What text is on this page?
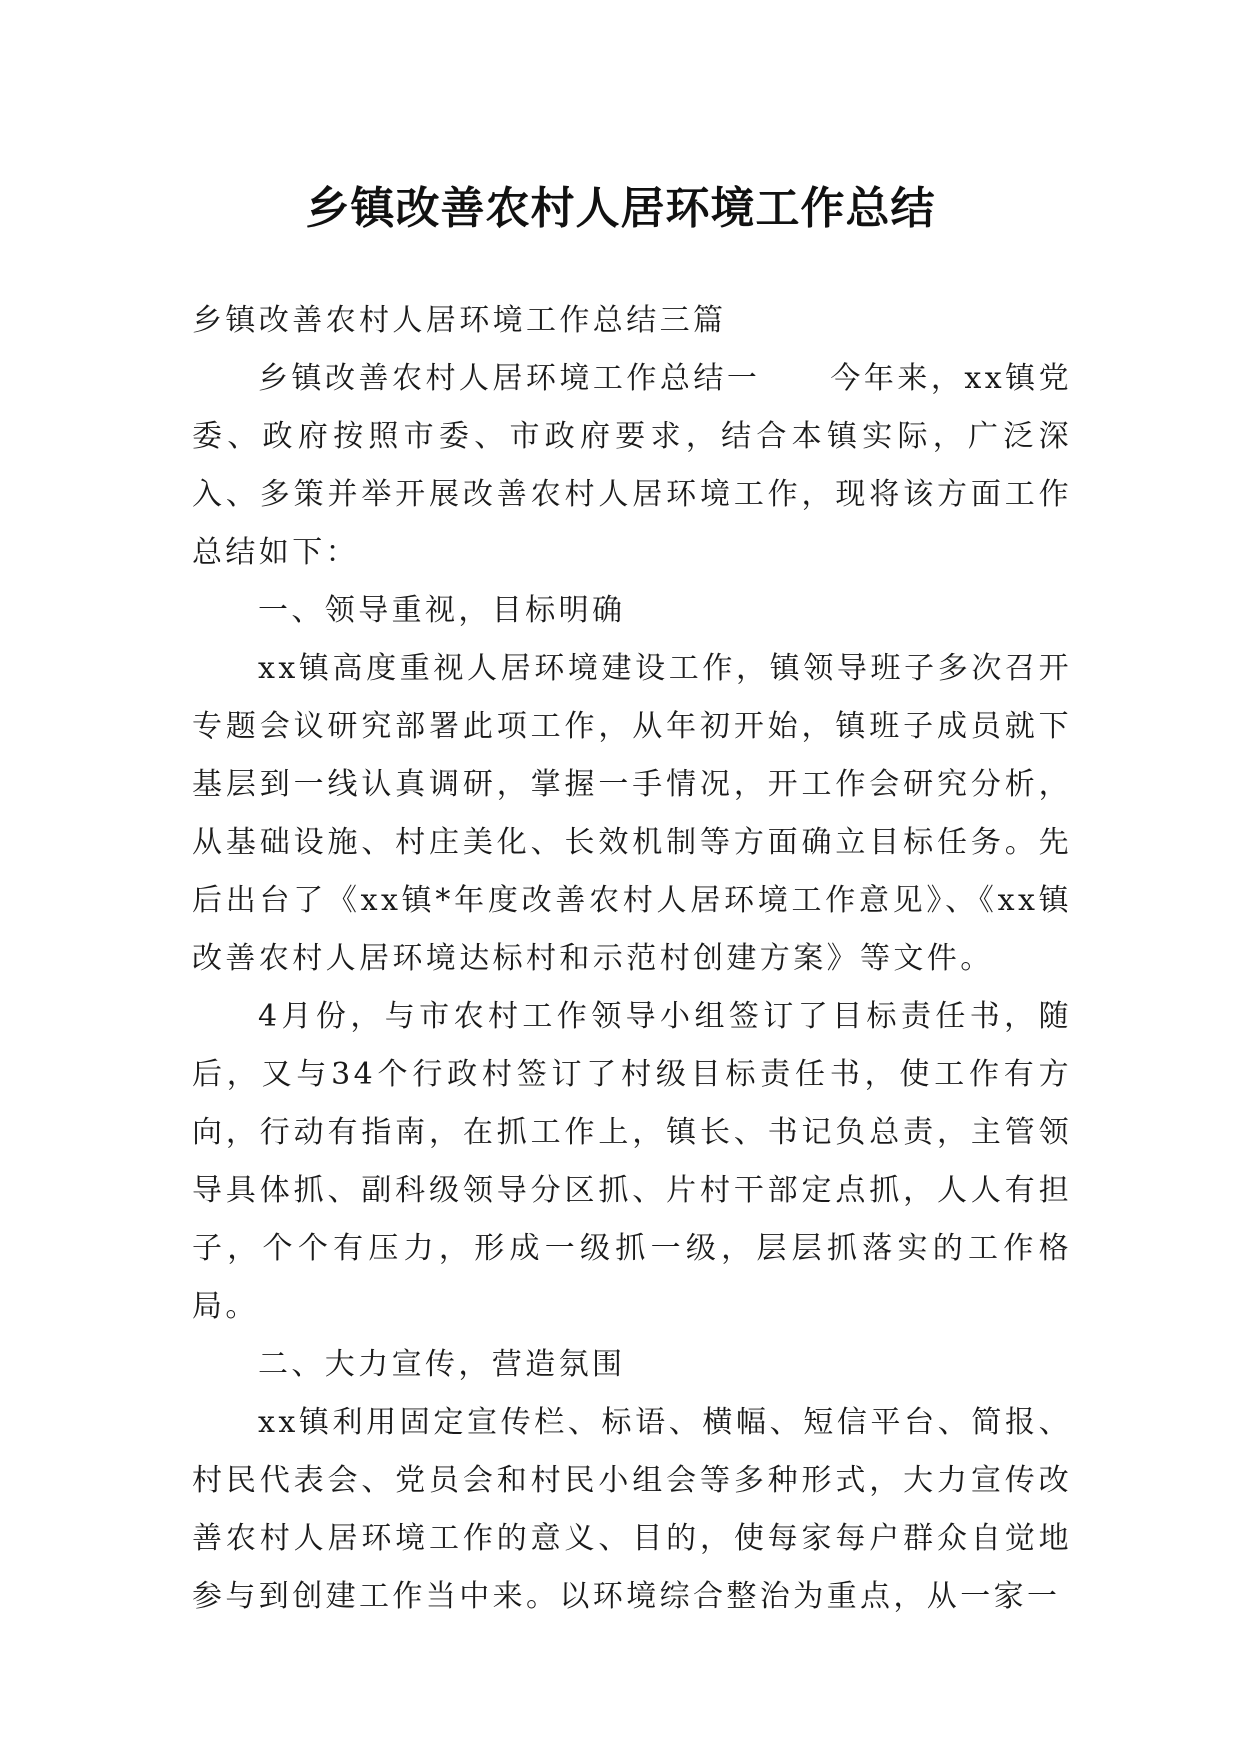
乡镇改善农村人居环境工作总结

乡镇改善农村人居环境工作总结三篇

乡镇改善农村人居环境工作总结一 今年来，xx镇党委、政府按照市委、市政府要求，结合本镇实际，广泛深入、多策并举开展改善农村人居环境工作，现将该方面工作总结如下：

一、领导重视，目标明确

xx镇高度重视人居环境建设工作，镇领导班子多次召开专题会议研究部署此项工作，从年初开始，镇班子成员就下基层到一线认真调研，掌握一手情况，开工作会研究分析，从基础设施、村庄美化、长效机制等方面确立目标任务。先后出台了《xx镇*年度改善农村人居环境工作意见》、《xx镇改善农村人居环境达标村和示范村创建方案》等文件。

4月份，与市农村工作领导小组签订了目标责任书，随后，又与34个行政村签订了村级目标责任书，使工作有方向，行动有指南，在抓工作上，镇长、书记负总责，主管领导具体抓、副科级领导分区抓、片村干部定点抓，人人有担子，个个有压力，形成一级抓一级，层层抓落实的工作格局。

二、大力宣传，营造氛围

xx镇利用固定宣传栏、标语、横幅、短信平台、简报、村民代表会、党员会和村民小组会等多种形式，大力宣传改善农村人居环境工作的意义、目的，使每家每户群众自觉地参与到创建工作当中来。以环境综合整治为重点，从一家一
